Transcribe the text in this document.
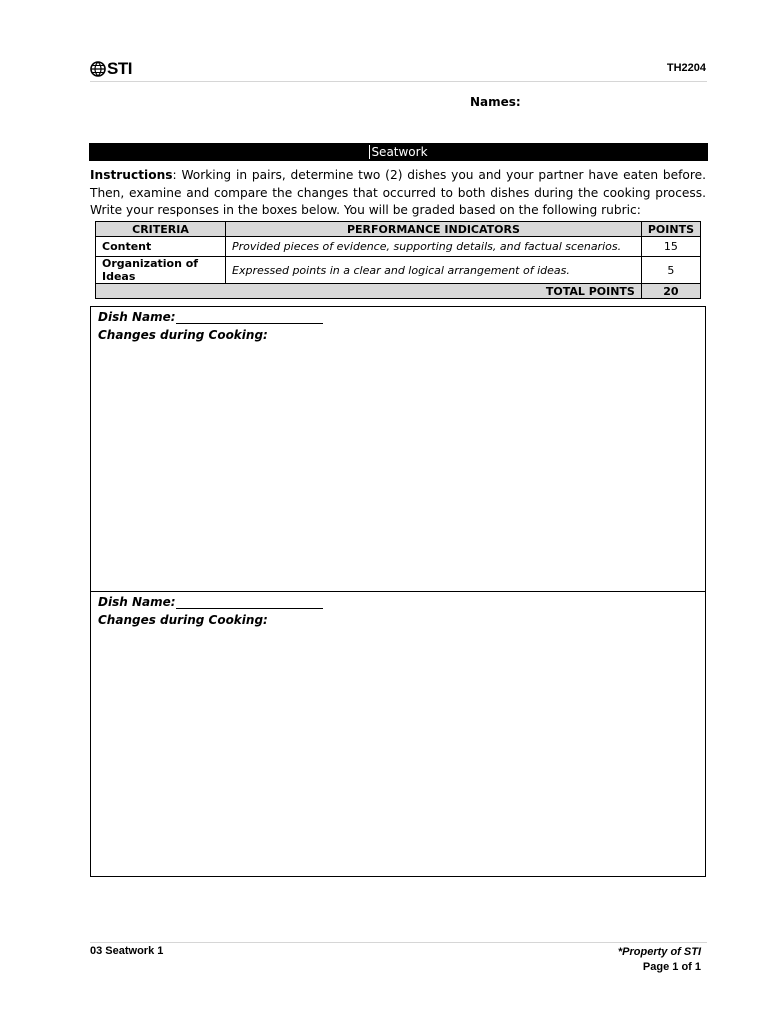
STI	TH2204
Names:
Seatwork
Instructions: Working in pairs, determine two (2) dishes you and your partner have eaten before. Then, examine and compare the changes that occurred to both dishes during the cooking process. Write your responses in the boxes below. You will be graded based on the following rubric:
CRITERIA	PERFORMANCE INDICATORS	POINTS
Content	Provided pieces of evidence, supporting details, and factual scenarios.	15
Organization of Ideas	Expressed points in a clear and logical arrangement of ideas.	5
TOTAL POINTS		20
Dish Name:
Changes during Cooking:
Dish Name:
Changes during Cooking:
03 Seatwork 1	*Property of STI
Page 1 of 1
